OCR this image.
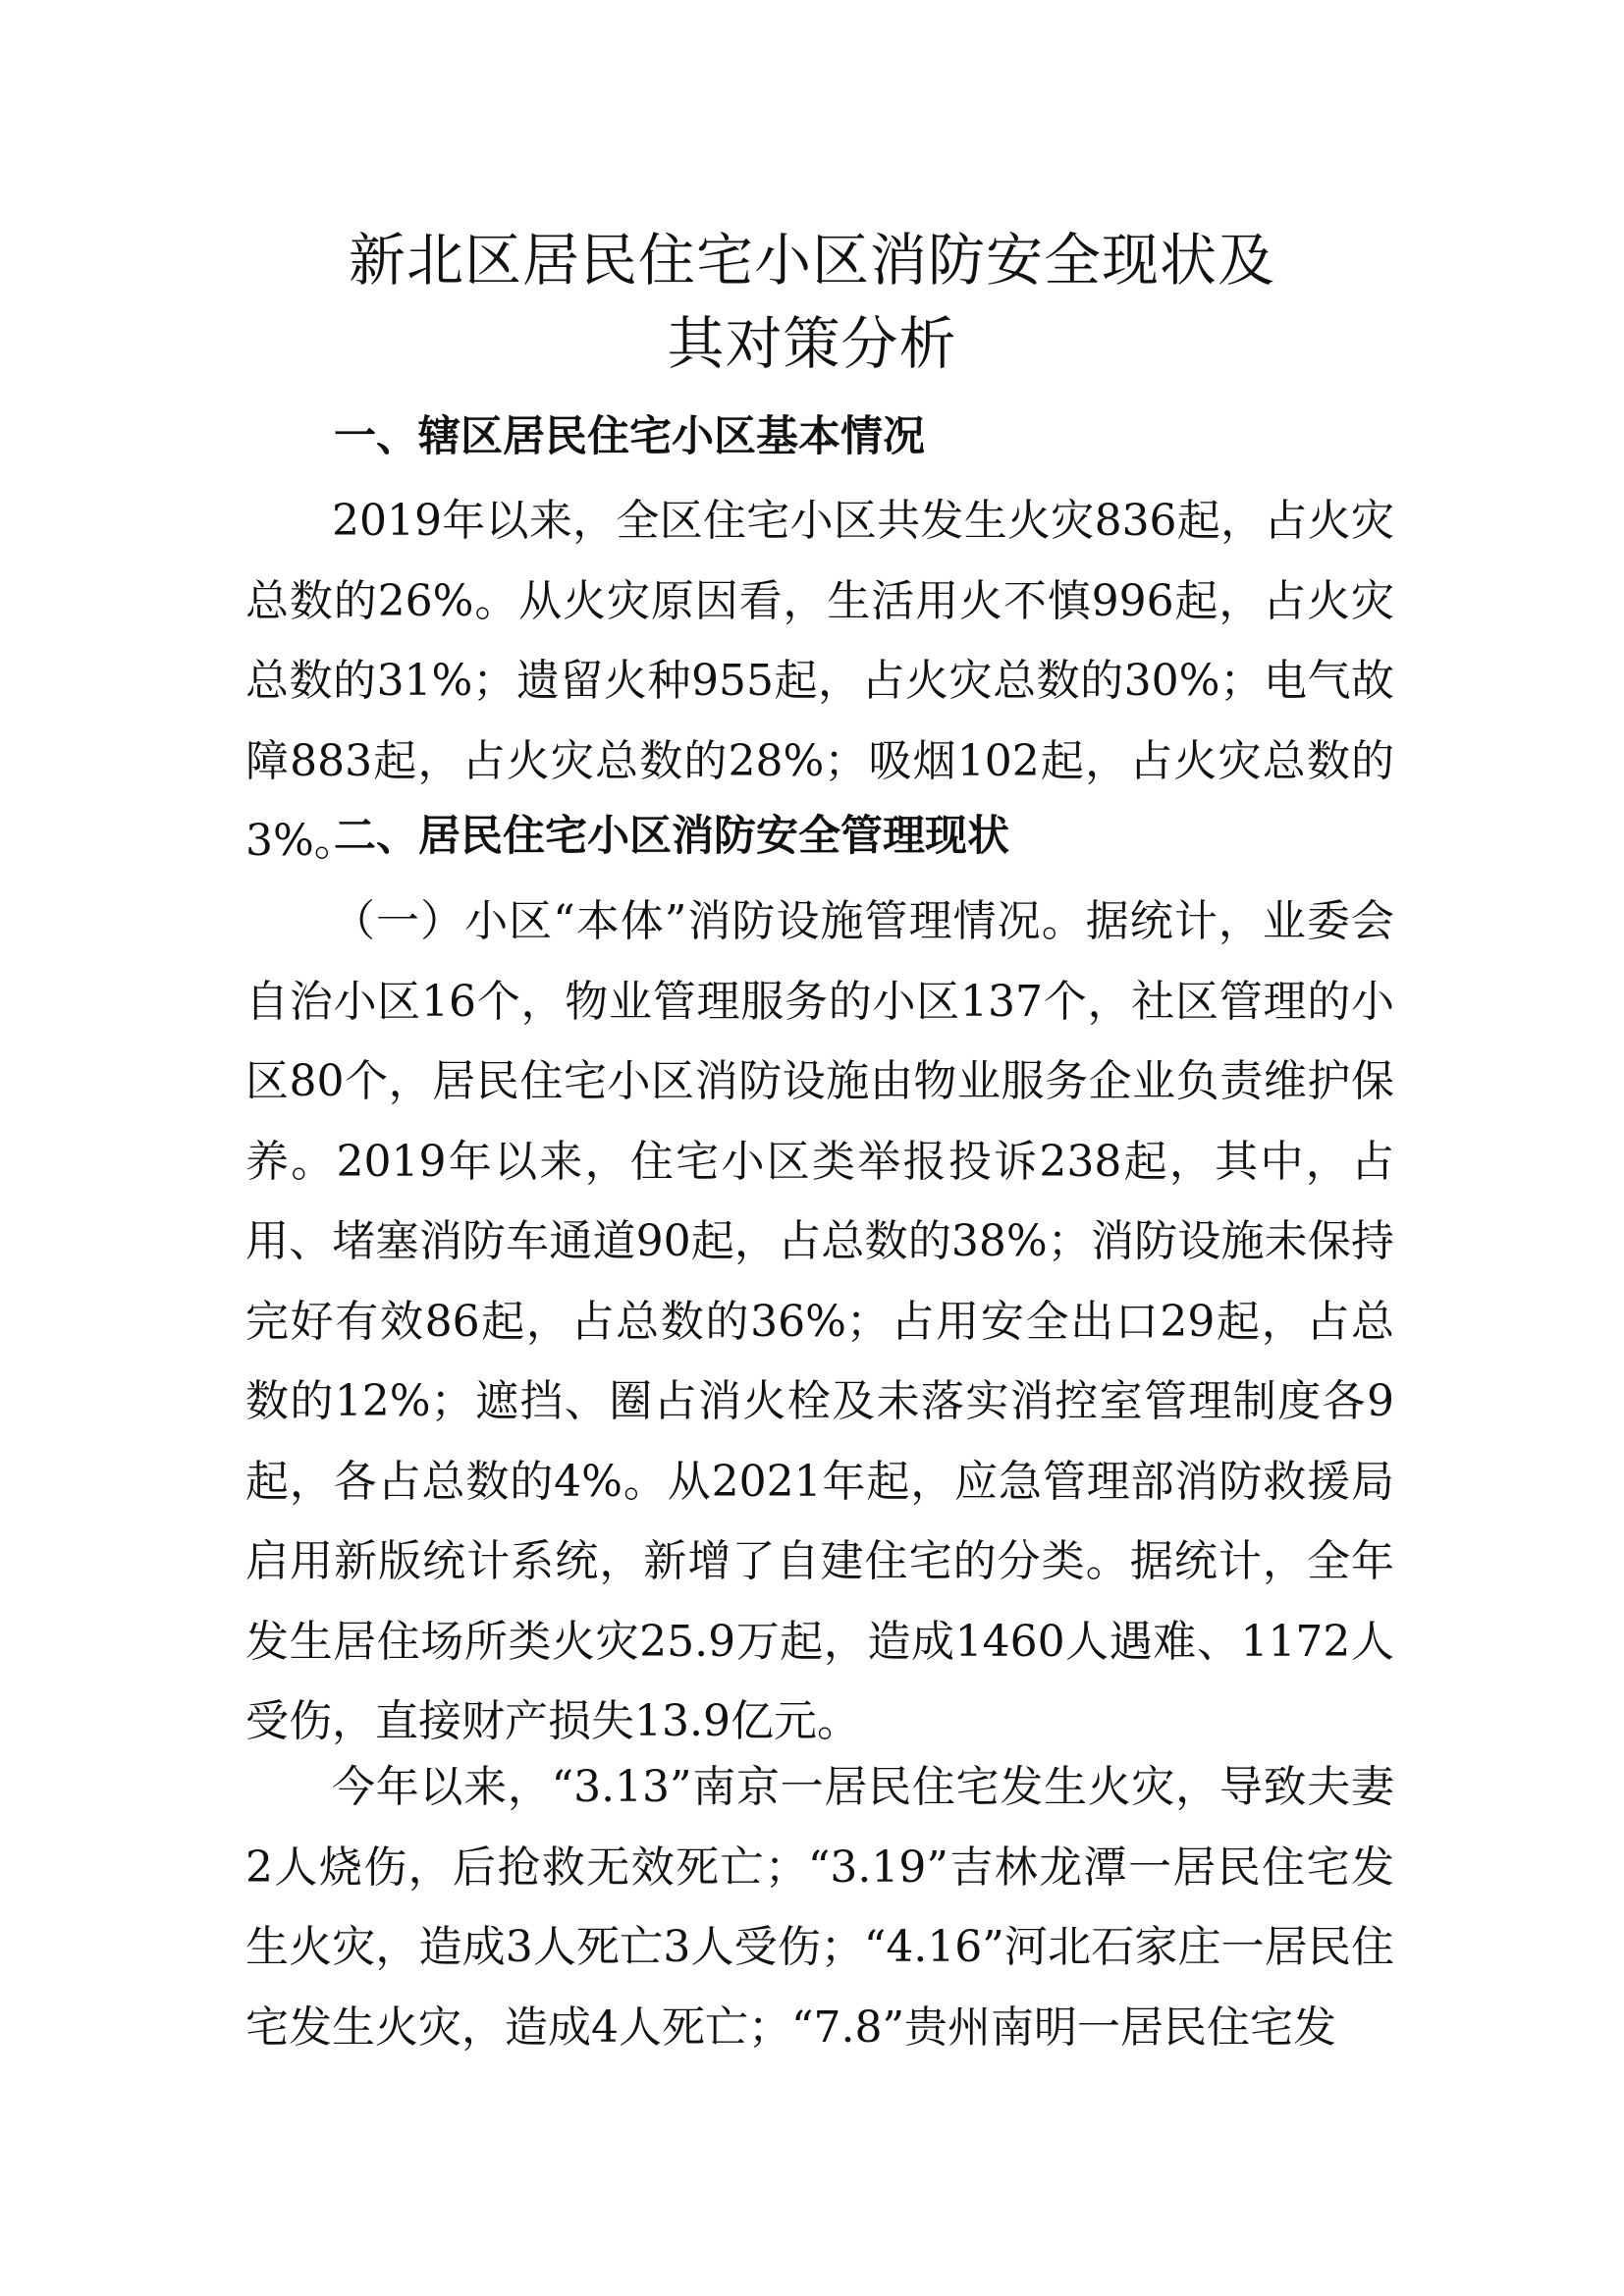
新北区居民住宅小区消防安全现状及
其对策分析
一、辖区居民住宅小区基本情况

2019年以来，全区住宅小区共发生火灾836起，占火灾总数的26%。从火灾原因看，生活用火不慎996起，占火灾总数的31%；遗留火种955起，占火灾总数的30%；电气故障883起，占火灾总数的28%；吸烟102起，占火灾总数的3%。

二、居民住宅小区消防安全管理现状

（一）小区“本体”消防设施管理情况。据统计，业委会自治小区16个，物业管理服务的小区137个，社区管理的小区80个，居民住宅小区消防设施由物业服务企业负责维护保养。2019年以来，住宅小区类举报投诉238起，其中，占用、堵塞消防车通道90起，占总数的38%；消防设施未保持完好有效86起，占总数的36%；占用安全出口29起，占总数的12%；遮挡、圈占消火栓及未落实消控室管理制度各9起，各占总数的4%。从2021年起，应急管理部消防救援局启用新版统计系统，新增了自建住宅的分类。据统计，全年发生居住场所类火灾25.9万起，造成1460人遇难、1172人受伤，直接财产损失13.9亿元。

今年以来，“3.13”南京一居民住宅发生火灾，导致夫妻2人烧伤，后抢救无效死亡；“3.19”吉林龙潭一居民住宅发生火灾，造成3人死亡3人受伤；“4.16”河北石家庄一居民住宅发生火灾，造成4人死亡；“7.8”贵州南明一居民住宅发
